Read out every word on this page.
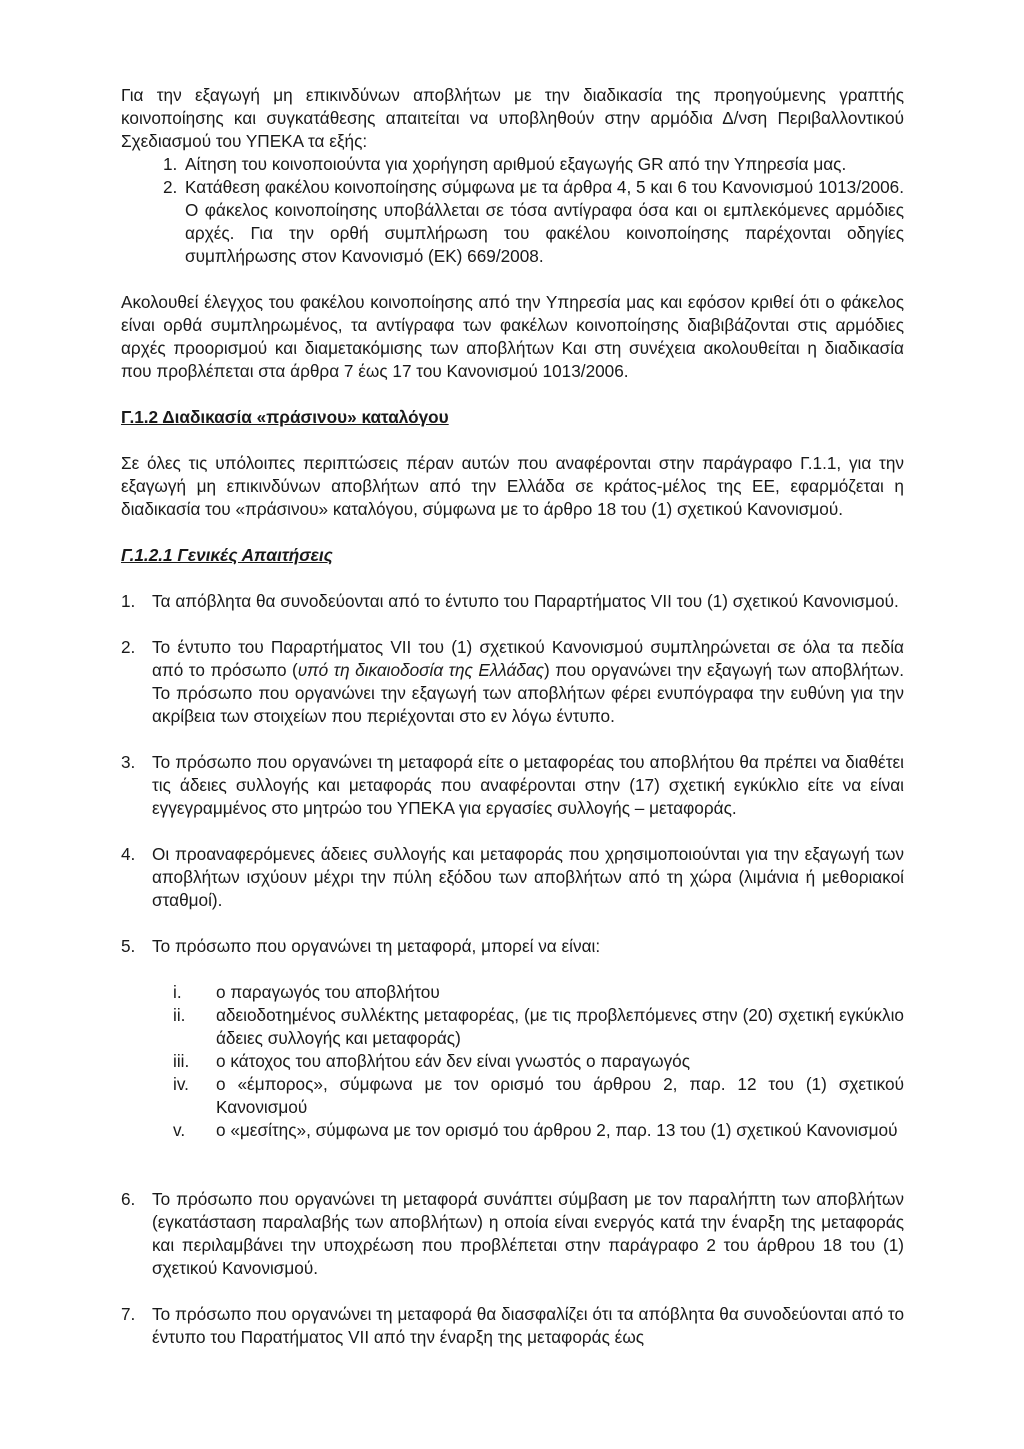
Για την εξαγωγή μη επικινδύνων αποβλήτων με την διαδικασία της προηγούμενης γραπτής κοινοποίησης και συγκατάθεσης απαιτείται να υποβληθούν στην αρμόδια Δ/νση Περιβαλλοντικού Σχεδιασμού του ΥΠΕΚΑ τα εξής:

1. Αίτηση του κοινοποιούντα για χορήγηση αριθμού εξαγωγής GR από την Υπηρεσία μας.
2. Κατάθεση φακέλου κοινοποίησης σύμφωνα με τα άρθρα 4, 5 και 6 του Κανονισμού 1013/2006. Ο φάκελος κοινοποίησης υποβάλλεται σε τόσα αντίγραφα όσα και οι εμπλεκόμενες αρμόδιες αρχές. Για την ορθή συμπλήρωση του φακέλου κοινοποίησης παρέχονται οδηγίες συμπλήρωσης στον Κανονισμό (ΕΚ) 669/2008.

Ακολουθεί έλεγχος του φακέλου κοινοποίησης από την Υπηρεσία μας και εφόσον κριθεί ότι ο φάκελος είναι ορθά συμπληρωμένος, τα αντίγραφα των φακέλων κοινοποίησης διαβιβάζονται στις αρμόδιες αρχές προορισμού και διαμετακόμισης των αποβλήτων Και στη συνέχεια ακολουθείται η διαδικασία που προβλέπεται στα άρθρα 7 έως 17 του Κανονισμού 1013/2006.

Γ.1.2 Διαδικασία «πράσινου» καταλόγου

Σε όλες τις υπόλοιπες περιπτώσεις πέραν αυτών που αναφέρονται στην παράγραφο Γ.1.1, για την εξαγωγή μη επικινδύνων αποβλήτων από την Ελλάδα σε κράτος-μέλος της ΕΕ, εφαρμόζεται η διαδικασία του «πράσινου» καταλόγου, σύμφωνα με το άρθρο 18 του (1) σχετικού Κανονισμού.

Γ.1.2.1 Γενικές Απαιτήσεις

1. Τα απόβλητα θα συνοδεύονται από το έντυπο του Παραρτήματος VII του (1) σχετικού Κανονισμού.
2. Το έντυπο του Παραρτήματος VII του (1) σχετικού Κανονισμού συμπληρώνεται σε όλα τα πεδία από το πρόσωπο (υπό τη δικαιοδοσία της Ελλάδας) που οργανώνει την εξαγωγή των αποβλήτων. Το πρόσωπο που οργανώνει την εξαγωγή των αποβλήτων φέρει ενυπόγραφα την ευθύνη για την ακρίβεια των στοιχείων που περιέχονται στο εν λόγω έντυπο.
3. Το πρόσωπο που οργανώνει τη μεταφορά είτε ο μεταφορέας του αποβλήτου θα πρέπει να διαθέτει τις άδειες συλλογής και μεταφοράς που αναφέρονται στην (17) σχετική εγκύκλιο είτε να είναι εγγεγραμμένος στο μητρώο του ΥΠΕΚΑ για εργασίες συλλογής – μεταφοράς.
4. Οι προαναφερόμενες άδειες συλλογής και μεταφοράς που χρησιμοποιούνται για την εξαγωγή των αποβλήτων ισχύουν μέχρι την πύλη εξόδου των αποβλήτων από τη χώρα (λιμάνια ή μεθοριακοί σταθμοί).
5. Το πρόσωπο που οργανώνει τη μεταφορά, μπορεί να είναι:
i.	ο παραγωγός του αποβλήτου
ii.	αδειοδοτημένος συλλέκτης μεταφορέας, (με τις προβλεπόμενες στην (20) σχετική εγκύκλιο άδειες συλλογής και μεταφοράς)
iii.	ο κάτοχος του αποβλήτου εάν δεν είναι γνωστός ο παραγωγός
iv.	ο «έμπορος», σύμφωνα με τον ορισμό του άρθρου 2, παρ. 12 του (1) σχετικού Κανονισμού
v.	ο «μεσίτης», σύμφωνα με τον ορισμό του άρθρου 2, παρ. 13 του (1) σχετικού Κανονισμού
6. Το πρόσωπο που οργανώνει τη μεταφορά συνάπτει σύμβαση με τον παραλήπτη των αποβλήτων (εγκατάσταση παραλαβής των αποβλήτων) η οποία είναι ενεργός κατά την έναρξη της μεταφοράς και περιλαμβάνει την υποχρέωση που προβλέπεται στην παράγραφο 2 του άρθρου 18 του (1) σχετικού Κανονισμού.
7. Το πρόσωπο που οργανώνει τη μεταφορά θα διασφαλίζει ότι τα απόβλητα θα συνοδεύονται από το έντυπο του Παρατήματος VII από την έναρξη της μεταφοράς έως
